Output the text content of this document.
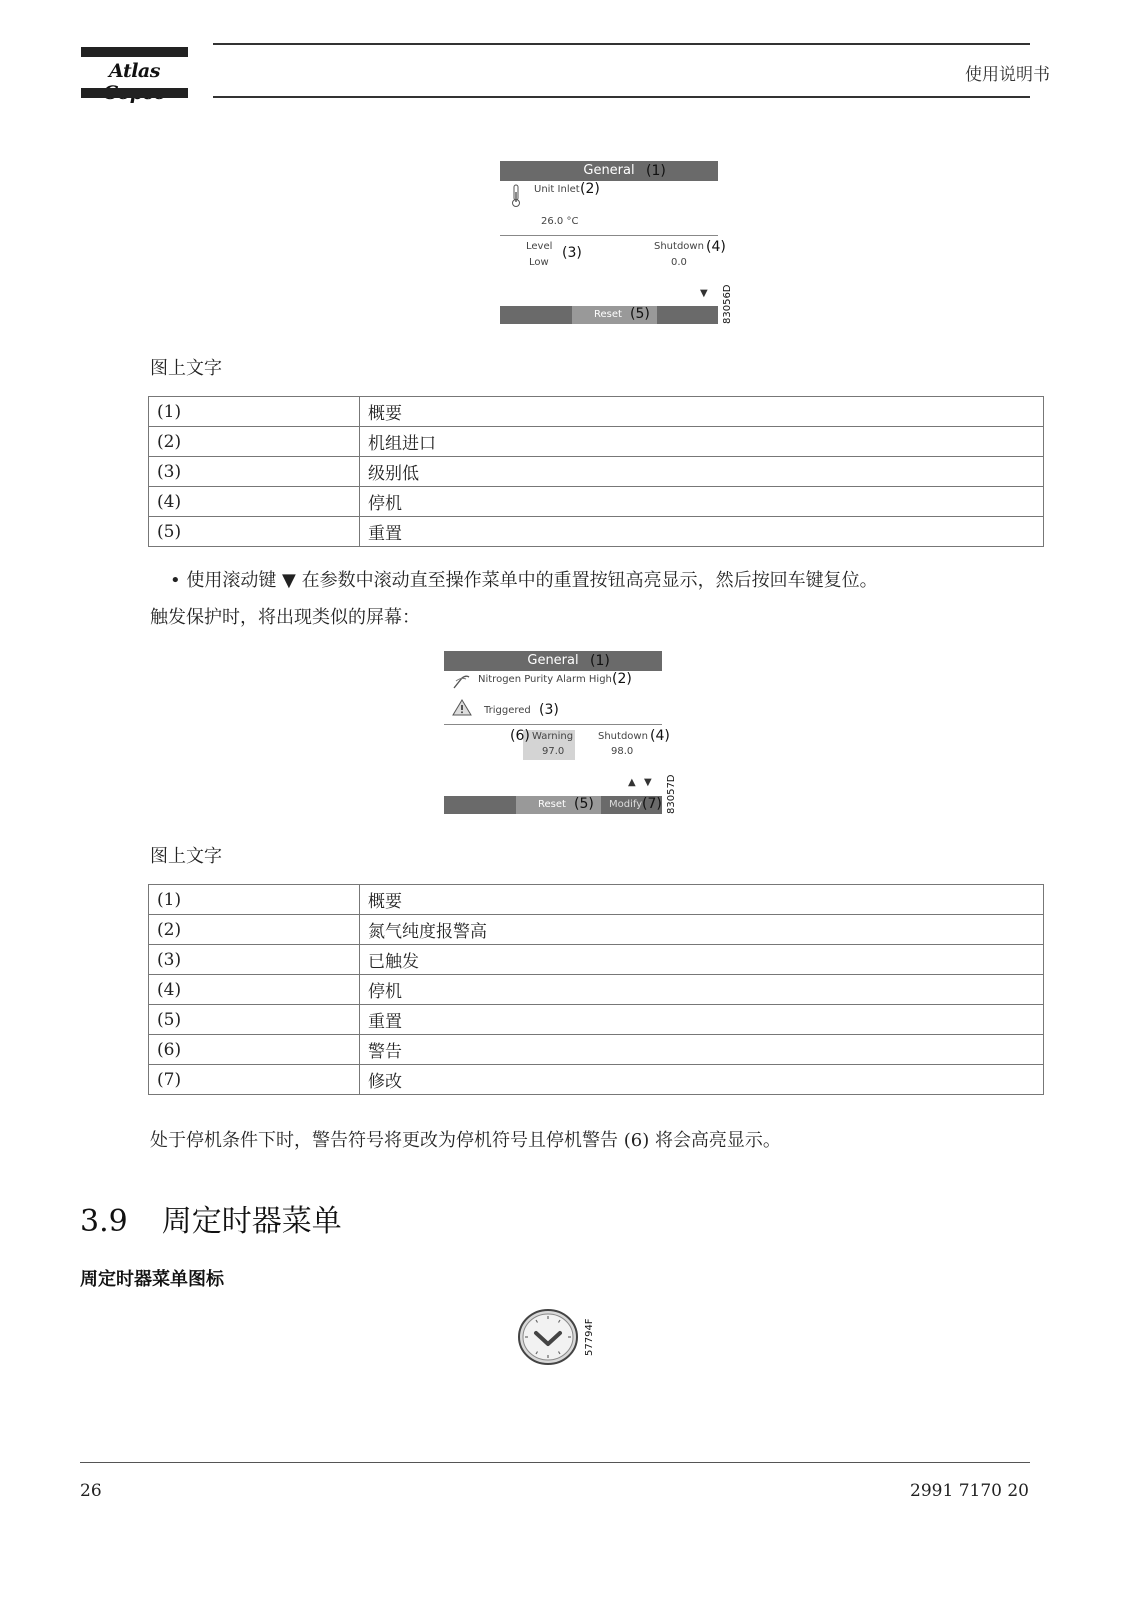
Atlas	使用说明书
General (1)
Unit Inlet (2)
26.0 °C
Level
Low
(3)	Shutdown (4)
0.0
▼
Reset (5)	83056D
图上文字
(1)	概要
(2)	机组进口
(3)	级别低
(4)	停机
(5)	重置
• 使用滚动键 ▼ 在参数中滚动直至操作菜单中的重置按钮高亮显示，然后按回车键复位。
触发保护时，将出现类似的屏幕：
General (1)
Nitrogen Purity Alarm High (2)
Triggered (3)
(6) Warning
97.0
Shutdown (4)
98.0
▲ ▼
Reset (5) Modify (7) 83057D
图上文字
(1)	概要
(2)	氮气纯度报警高
(3)	已触发
(4)	停机
(5)	重置
(6)	警告
(7)	修改
处于停机条件下时，警告符号将更改为停机符号且停机警告 (6) 将会高亮显示。
3.9 周定时器菜单
周定时器菜单图标
57794F
26	2991 7170 20
